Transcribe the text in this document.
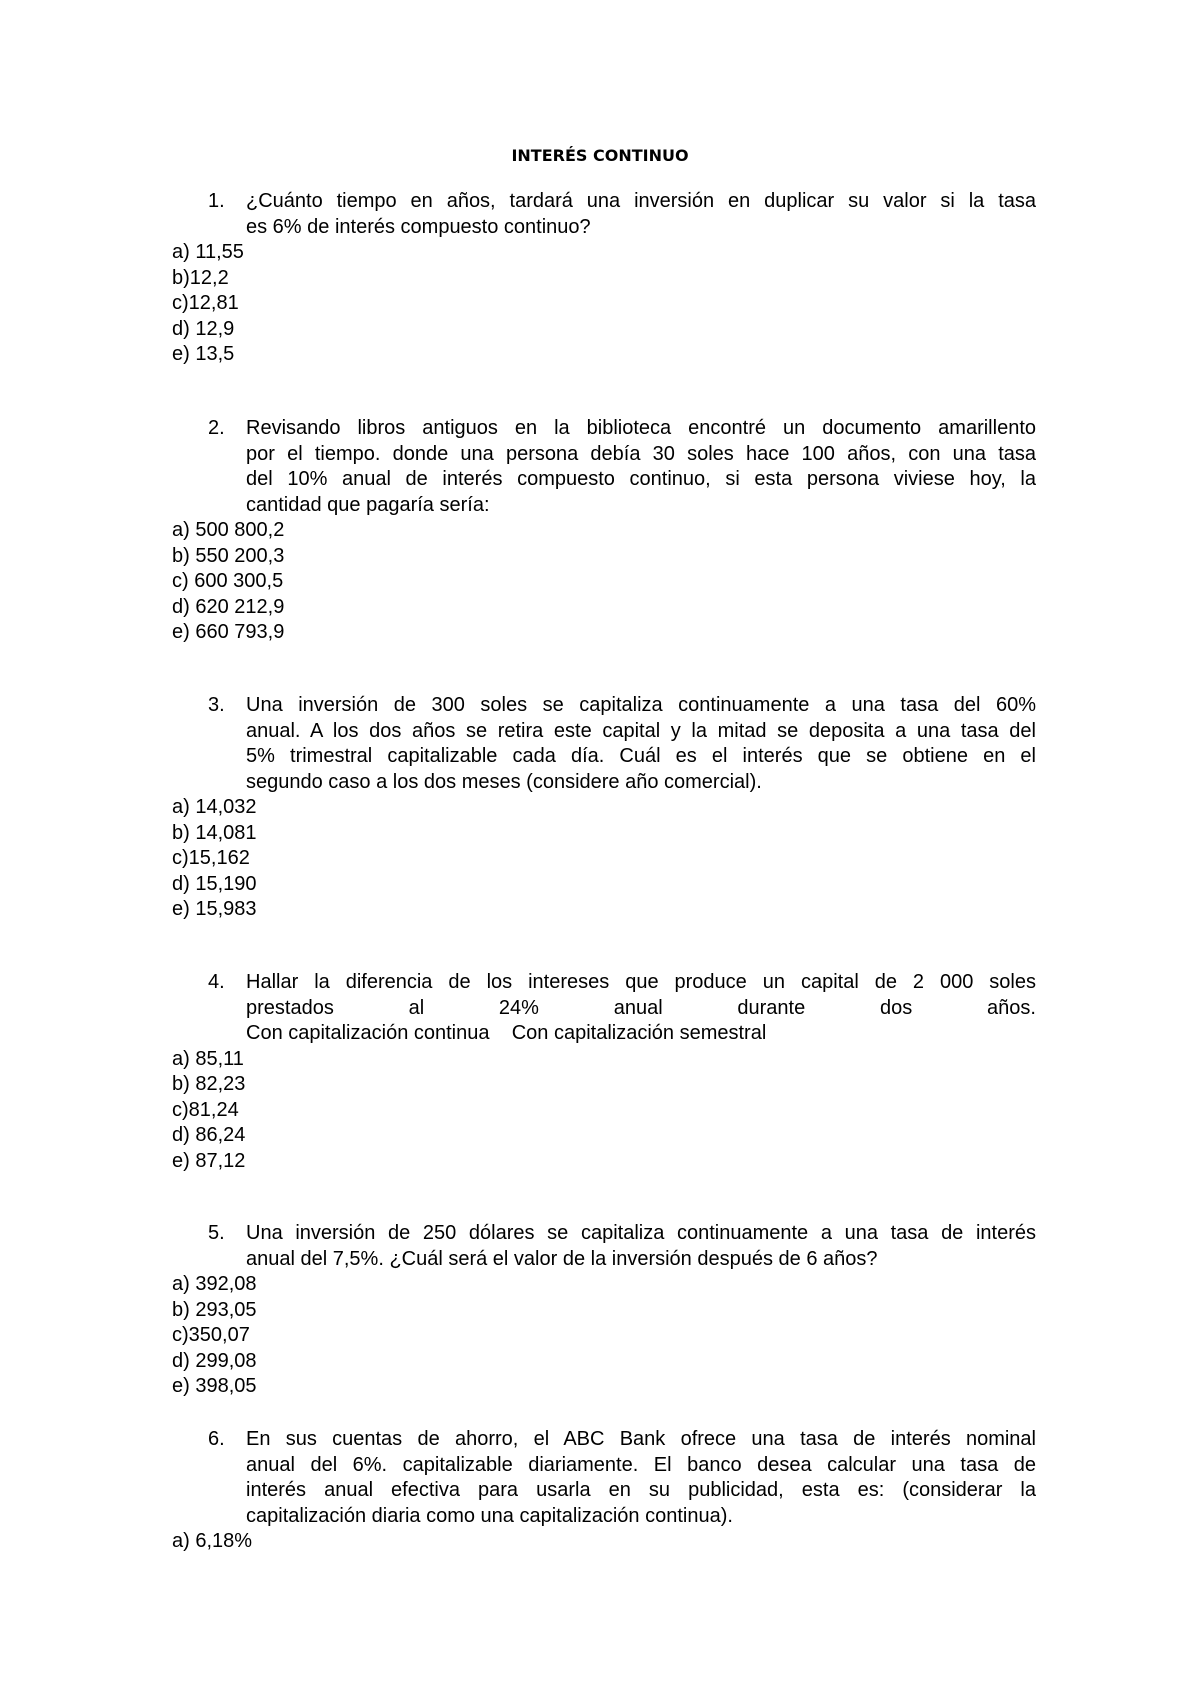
INTERÉS CONTINUO
1. ¿Cuánto tiempo en años, tardará una inversión en duplicar su valor si la tasa
es 6% de interés compuesto continuo?

a) 11,55
b)12,2
c)12,81
d) 12,9
e) 13,5
2. Revisando libros antiguos en la biblioteca encontré un documento amarillento
por el tiempo. donde una persona debía 30 soles hace 100 años, con una tasa
del 10% anual de interés compuesto continuo, si esta persona viviese hoy, la
cantidad que pagaría sería:

a) 500 800,2
b) 550 200,3
c) 600 300,5
d) 620 212,9
e) 660 793,9
3. Una inversión de 300 soles se capitaliza continuamente a una tasa del 60%
anual. A los dos años se retira este capital y la mitad se deposita a una tasa del
5% trimestral capitalizable cada día. Cuál es el interés que se obtiene en el
segundo caso a los dos meses (considere año comercial).

a) 14,032
b) 14,081
c)15,162
d) 15,190
e) 15,983
4. Hallar la diferencia de los intereses que produce un capital de 2 000 soles
prestados	al	24%	anual	durante	dos	años.
Con capitalización continua    Con capitalización semestral
a) 85,11
b) 82,23
c)81,24
d) 86,24
e) 87,12
5. Una inversión de 250 dólares se capitaliza continuamente a una tasa de interés
anual del 7,5%. ¿Cuál será el valor de la inversión después de 6 años?

a) 392,08
b) 293,05
c)350,07
d) 299,08
e) 398,05
6. En sus cuentas de ahorro, el ABC Bank ofrece una tasa de interés nominal
anual del 6%. capitalizable diariamente. El banco desea calcular una tasa de
interés anual efectiva para usarla en su publicidad, esta es: (considerar la
capitalización diaria como una capitalización continua).

a) 6,18%
